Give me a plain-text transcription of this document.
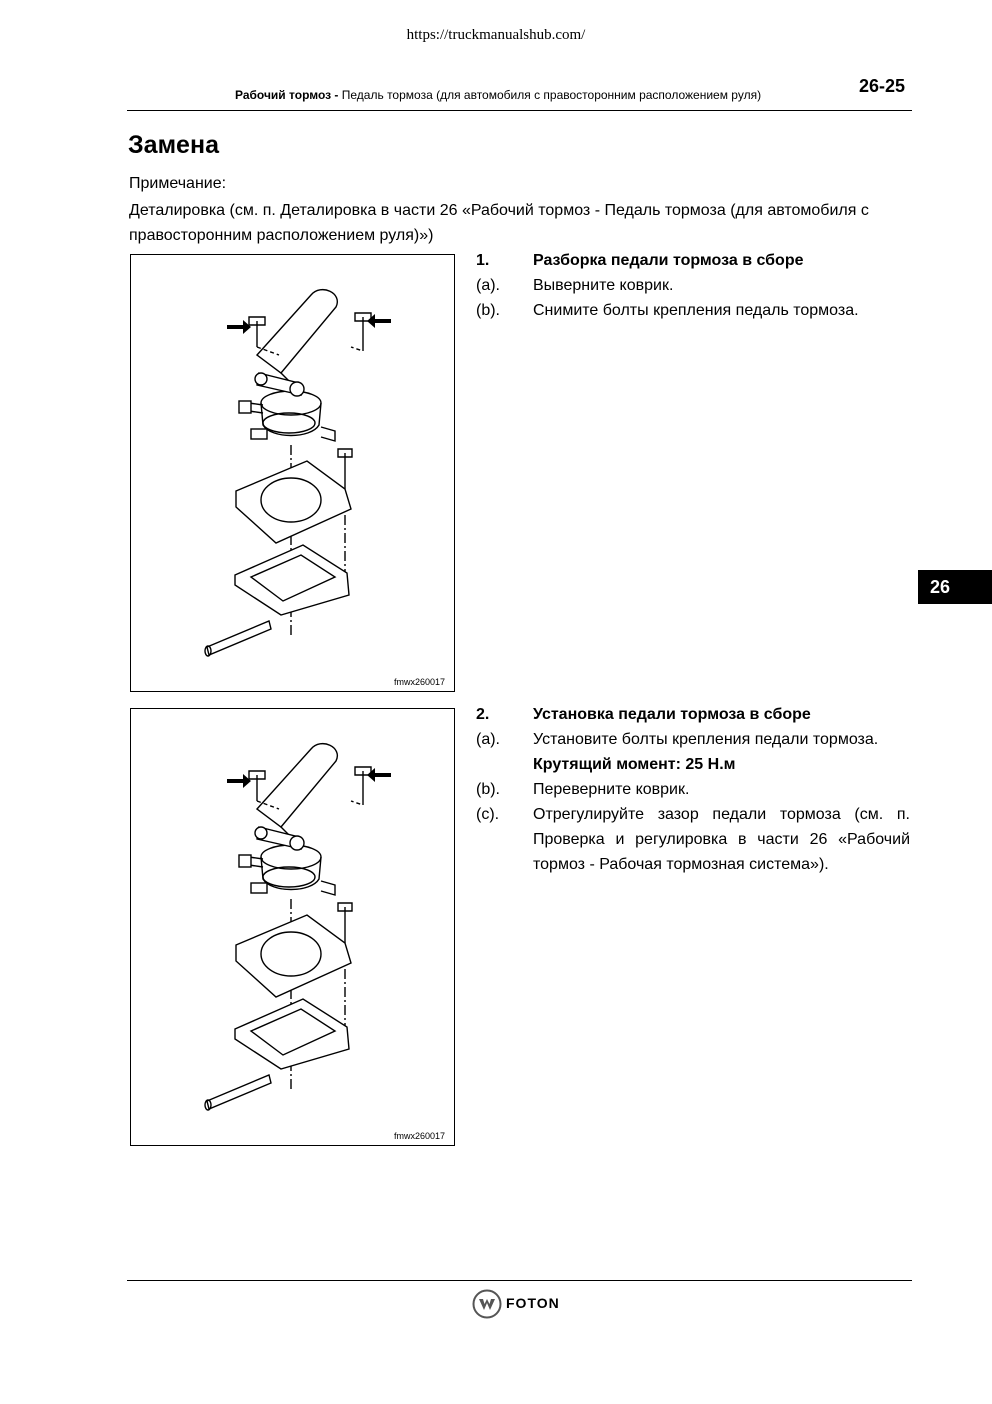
https://truckmanualshub.com/
Рабочий тормоз - Педаль тормоза (для автомобиля с правосторонним расположением руля)	26-25
Замена
Примечание:
Деталировка (см. п. Деталировка в части 26 «Рабочий тормоз - Педаль тормоза (для автомобиля с правосторонним расположением руля)»)
26
fmwx260017
1.	Разборка педали тормоза в сборе
(a). Выверните коврик.
(b). Снимите болты крепления педаль тормоза.
fmwx260017
2.	Установка педали тормоза в сборе
(a). Установите болты крепления педали тормоза.
Крутящий момент: 25 Н.м
(b). Переверните коврик.
(c). Отрегулируйте зазор педали тормоза (см. п. Проверка и регулировка в части 26 «Рабочий тормоз - Рабочая тормозная система»).
FOTON
